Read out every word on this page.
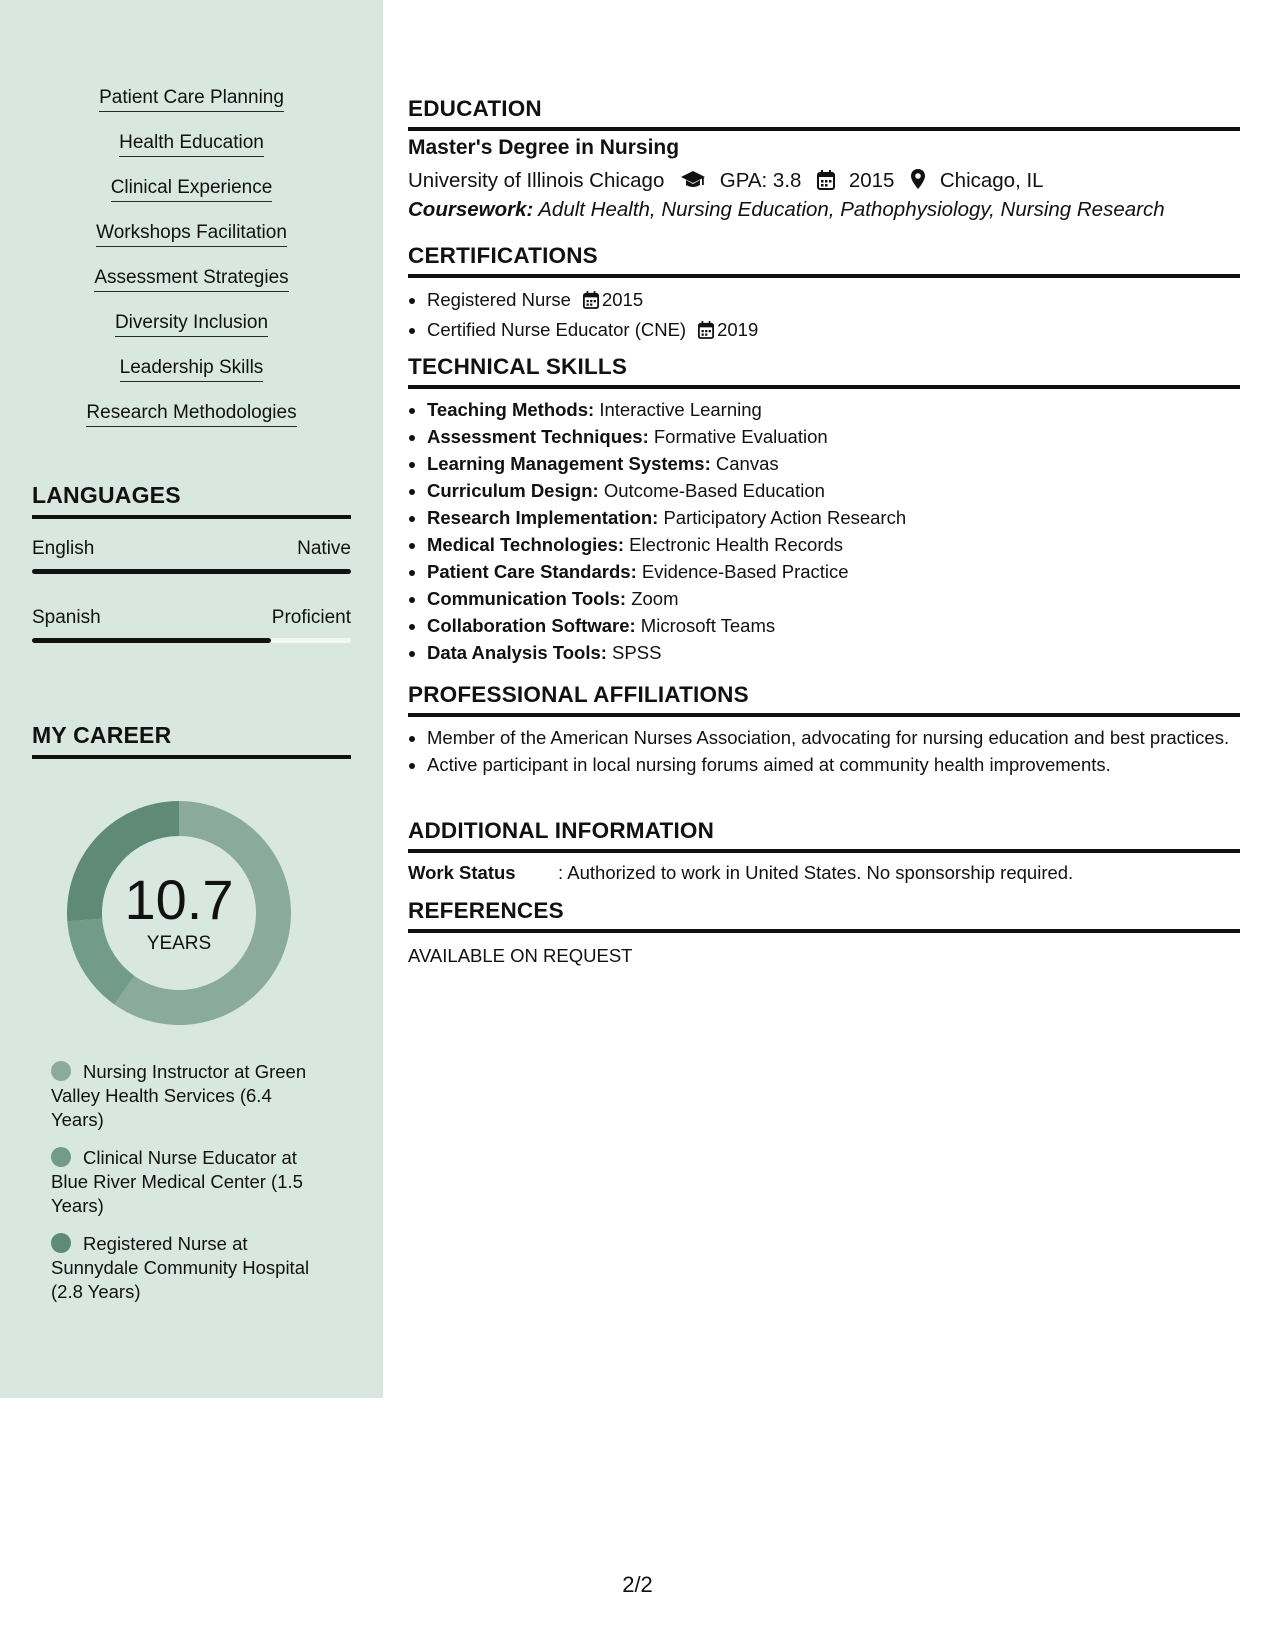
Patient Care Planning
Health Education
Clinical Experience
Workshops Facilitation
Assessment Strategies
Diversity Inclusion
Leadership Skills
Research Methodologies
LANGUAGES
English	Native
Spanish	Proficient
MY CAREER
10.7
YEARS
Nursing Instructor at Green Valley Health Services (6.4 Years)
Clinical Nurse Educator at Blue River Medical Center (1.5 Years)
Registered Nurse at Sunnydale Community Hospital (2.8 Years)
EDUCATION
Master's Degree in Nursing
University of Illinois Chicago	GPA: 3.8 2015 Chicago, IL
Coursework: Adult Health, Nursing Education, Pathophysiology, Nursing Research
CERTIFICATIONS
• Registered Nurse 2015
• Certified Nurse Educator (CNE) 2019
TECHNICAL SKILLS
• Teaching Methods: Interactive Learning
• Assessment Techniques: Formative Evaluation
• Learning Management Systems: Canvas
• Curriculum Design: Outcome-Based Education
• Research Implementation: Participatory Action Research
• Medical Technologies: Electronic Health Records
• Patient Care Standards: Evidence-Based Practice
• Communication Tools: Zoom
• Collaboration Software: Microsoft Teams
• Data Analysis Tools: SPSS
PROFESSIONAL AFFILIATIONS
• Member of the American Nurses Association, advocating for nursing education and best practices.
• Active participant in local nursing forums aimed at community health improvements.
ADDITIONAL INFORMATION
Work Status : Authorized to work in United States. No sponsorship required.
REFERENCES
AVAILABLE ON REQUEST
2/2
